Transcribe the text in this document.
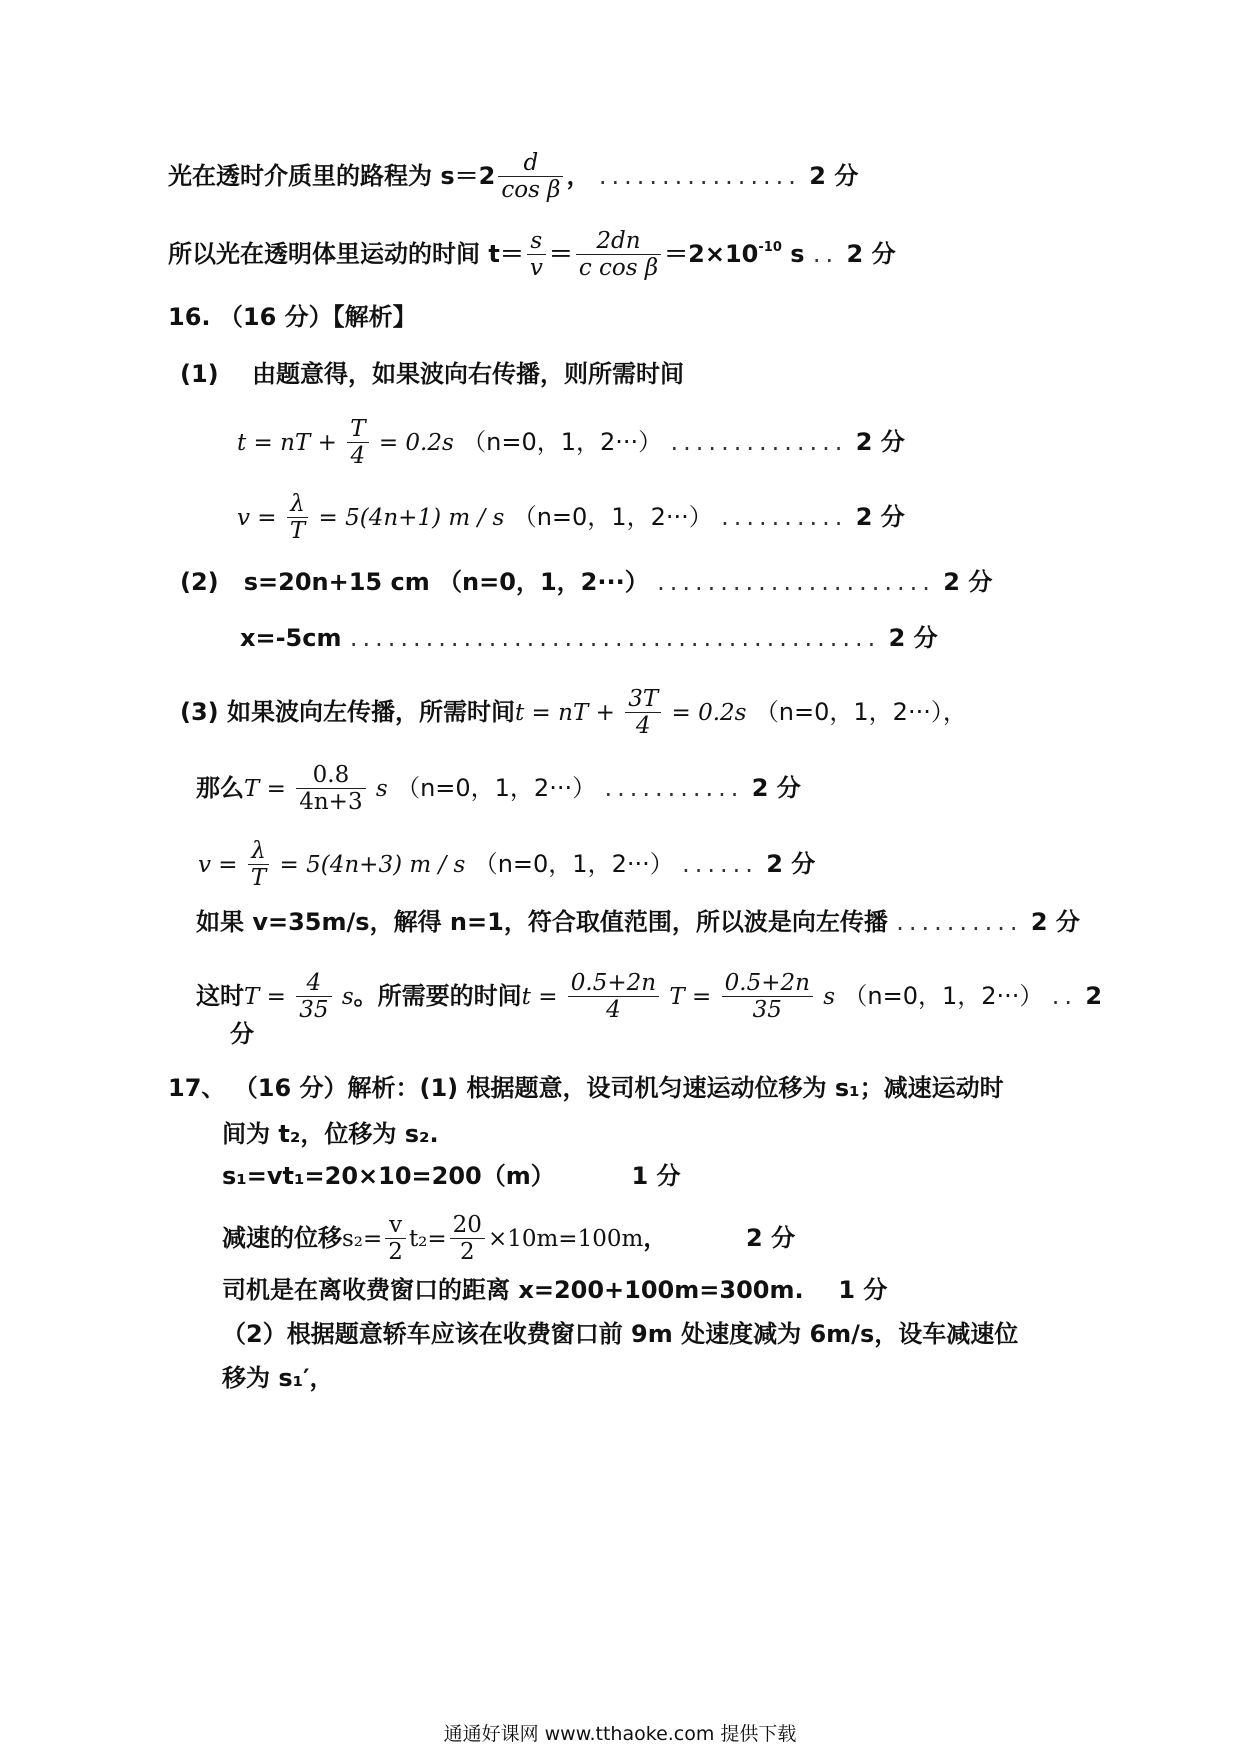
光在透时介质里的路程为 $s=2 \frac{d}{\text{cos β}}$ ， ................ 2 分
所以光在透明体里运动的时间 $t= \frac{s}{v} = \frac{2dn}{\text{c cos β}} =2\times 10^{-10}$ s .. 2 分
16. （16 分）【解析】
(1) 由题意得，如果波向右传播，则所需时间
t = nT + $\frac{T}{4} = 0.2s$ （n=0，1，2···） .............. 2 分
$v = \frac{\lambda}{T} = 5(4n+1)$ m / s （n=0，1，2···） .......... 2 分
(2) s=20n+15 cm （n=0，1，2···） ...................... 2 分
x=-5cm .......................................... 2 分
(3) 如果波向左传播，所需时间t = nT + $\frac{3T}{4} = 0.2s$ （n=0，1，2···），
那么$T = \frac{0.8}{4n+3}$ s （n=0，1，2···） ........... 2 分
$v = \frac{\lambda}{T} = 5(4n+3)$ m / s （n=0，1，2···） ...... 2 分
如果 v=35m/s，解得 n=1，符合取值范围，所以波是向左传播 .......... 2 分
这时$T = \frac{4}{35}$ s。所需要的时间$t = \frac{0.5+2n}{4}$ $T = \frac{0.5+2n}{35}$ s （n=0，1，2···） .. 2
分
17、 （16 分）解析：(1) 根据题意，设司机匀速运动位移为 s₁；减速运动时
间为 t₂，位移为 s₂.
s₁=vt₁=20×10=200（m）	1 分
减速的位移$s_2= \frac{v}{2} t_2= \frac{20}{2} \times 10m=100m$，	2 分
司机是在离收费窗口的距离 x=200+100m=300m. 1 分
（2）根据题意轿车应该在收费窗口前 9m 处速度减为 6m/s，设车减速位
移为 s₁′，
通通好课网 www.tthaoke.com 提供下载
